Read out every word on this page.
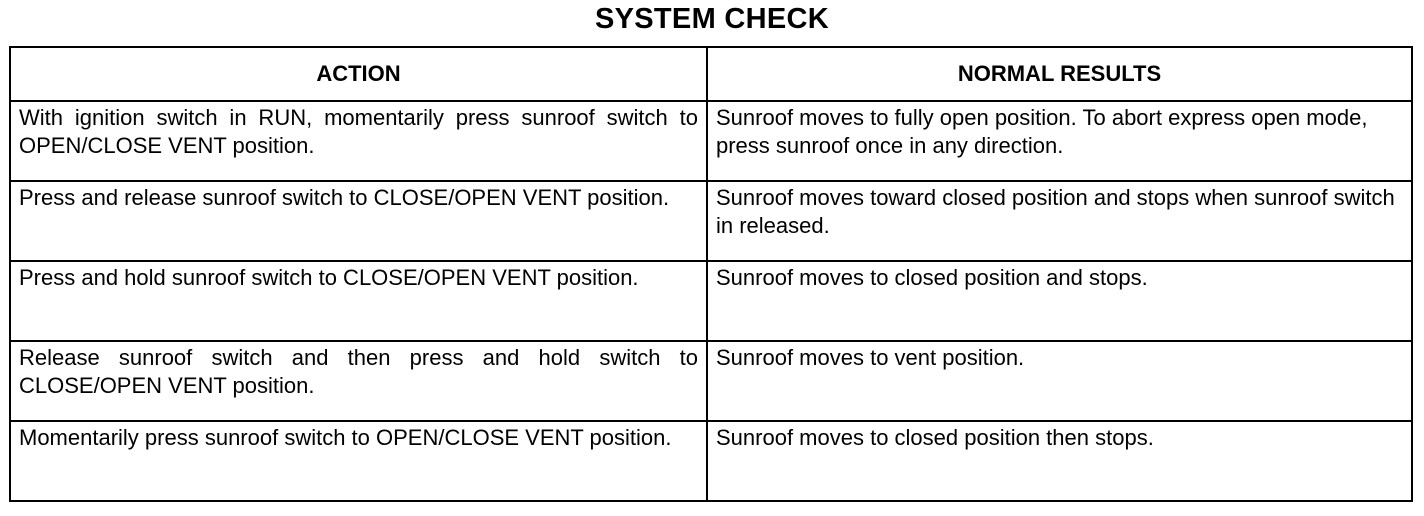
SYSTEM CHECK
ACTION	NORMAL RESULTS
With ignition switch in RUN, momentarily press sunroof switch to OPEN/CLOSE VENT position.	Sunroof moves to fully open position. To abort express open mode, press sunroof once in any direction.
Press and release sunroof switch to CLOSE/OPEN VENT position.	Sunroof moves toward closed position and stops when sunroof switch in released.
Press and hold sunroof switch to CLOSE/OPEN VENT position.	Sunroof moves to closed position and stops.
Release sunroof switch and then press and hold switch to CLOSE/OPEN VENT position.	Sunroof moves to vent position.
Momentarily press sunroof switch to OPEN/CLOSE VENT position.	Sunroof moves to closed position then stops.
